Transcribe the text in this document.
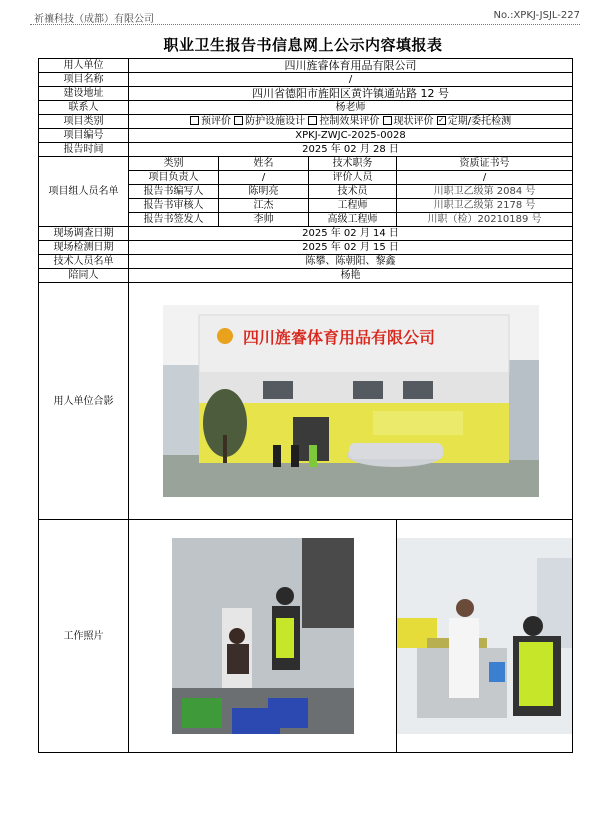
祈禳科技（成都）有限公司	No.:XPKJ-JSJL-227
职业卫生报告书信息网上公示内容填报表
用人单位	四川旌睿体育用品有限公司			
项目名称	/			
建设地址	四川省德阳市旌阳区黄许镇通站路 12 号			
联系人	杨老师			
项目类别	预评价 防护设施设计 控制效果评价 现状评价 ✓ 定期/委托检测			
项目编号	XPKJ-ZWJC-2025-0028			
报告时间	2025 年 02 月 28 日			
项目组人员名单	类别	姓名	技术职务	资质证书号
	项目负责人	/	评价人员	/
	报告书编写人	陈明亮	技术员	川职卫乙级第 2084 号
	报告书审核人	江杰	工程师	川职卫乙级第 2178 号
	报告书签发人	李帅	高级工程师	川职（检）20210189 号
现场调查日期	2025 年 02 月 14 日			
现场检测日期	2025 年 02 月 15 日			
技术人员名单	陈攀、陈朝阳、黎鑫			
陪同人	杨艳			
用人单位合影	四川旌睿体育用品有限公司			

工作照片	
